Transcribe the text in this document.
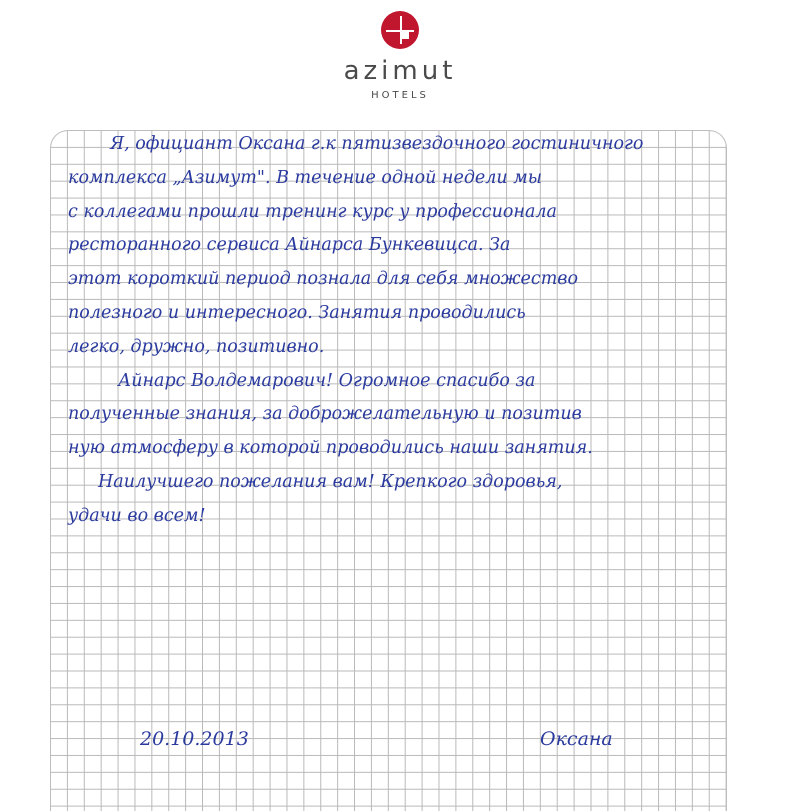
azimut
HOTELS
Я, официант Оксана г.к пятизвездочного гостиничного
комплекса „Азимут". В течение одной недели мы
с коллегами прошли тренинг курс у профессионала
ресторанного сервиса Айнарса Бункевицса. За
этот короткий период познала для себя множество
полезного и интересного. Занятия проводились
легко, дружно, позитивно.
Айнарс Волдемарович! Огромное спасибо за
полученные знания, за доброжелательную и позитив
ную атмосферу в которой проводились наши занятия.
Наилучшего пожелания вам! Крепкого здоровья,
удачи во всем!
20.10.2013	Оксана
